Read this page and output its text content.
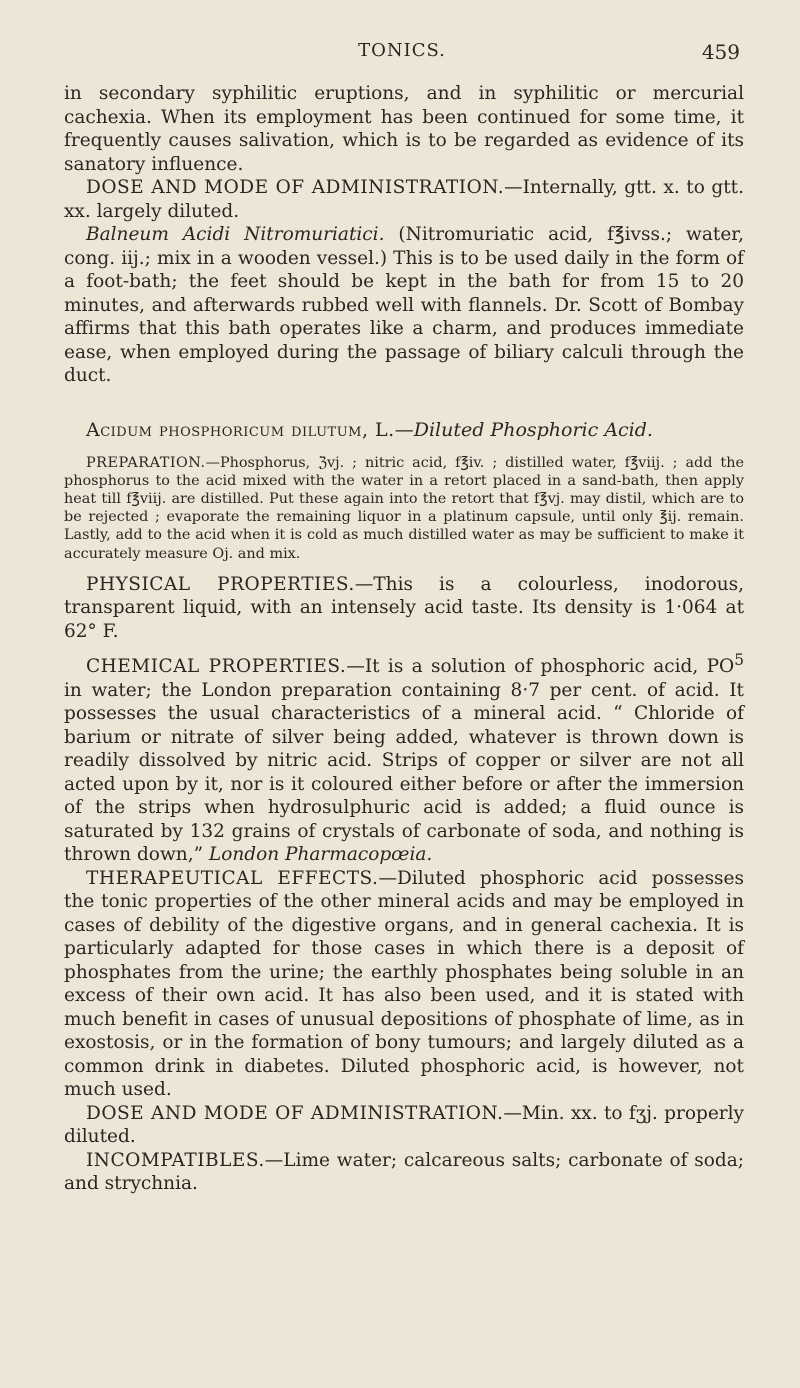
TONICS.	459

in secondary syphilitic eruptions, and in syphilitic or mercurial cachexia. When its employment has been continued for some time, it frequently causes salivation, which is to be regarded as evidence of its sanatory influence.

DOSE AND MODE OF ADMINISTRATION.—Internally, gtt. x. to gtt. xx. largely diluted.

Balneum Acidi Nitromuriatici. (Nitromuriatic acid, f℥ivss.; water, cong. iij.; mix in a wooden vessel.) This is to be used daily in the form of a foot-bath; the feet should be kept in the bath for from 15 to 20 minutes, and afterwards rubbed well with flannels. Dr. Scott of Bombay affirms that this bath operates like a charm, and produces immediate ease, when employed during the passage of biliary calculi through the duct.

Acidum phosphoricum dilutum, L.—Diluted Phosphoric Acid.

PREPARATION.—Phosphorus, ℨvj. ; nitric acid, f℥iv. ; distilled water, f℥viij. ; add the phosphorus to the acid mixed with the water in a retort placed in a sand-bath, then apply heat till f℥viij. are distilled. Put these again into the retort that f℥vj. may distil, which are to be rejected ; evaporate the remaining liquor in a platinum capsule, until only ℥ij. remain. Lastly, add to the acid when it is cold as much distilled water as may be sufficient to make it accurately measure Oj. and mix.

PHYSICAL PROPERTIES.—This is a colourless, inodorous, transparent liquid, with an intensely acid taste. Its density is 1·064 at 62° F.

CHEMICAL PROPERTIES.—It is a solution of phosphoric acid, $PO^5$ in water; the London preparation containing 8·7 per cent. of acid. It possesses the usual characteristics of a mineral acid. “ Chloride of barium or nitrate of silver being added, whatever is thrown down is readily dissolved by nitric acid. Strips of copper or silver are not all acted upon by it, nor is it coloured either before or after the immersion of the strips when hydrosulphuric acid is added; a fluid ounce is saturated by 132 grains of crystals of carbonate of soda, and nothing is thrown down,” London Pharmacopœia.

THERAPEUTICAL EFFECTS.—Diluted phosphoric acid possesses the tonic properties of the other mineral acids and may be employed in cases of debility of the digestive organs, and in general cachexia. It is particularly adapted for those cases in which there is a deposit of phosphates from the urine; the earthly phosphates being soluble in an excess of their own acid. It has also been used, and it is stated with much benefit in cases of unusual depositions of phosphate of lime, as in exostosis, or in the formation of bony tumours; and largely diluted as a common drink in diabetes. Diluted phosphoric acid, is however, not much used.

DOSE AND MODE OF ADMINISTRATION.—Min. xx. to fʒj. properly diluted.

INCOMPATIBLES.—Lime water; calcareous salts; carbonate of soda; and strychnia.
